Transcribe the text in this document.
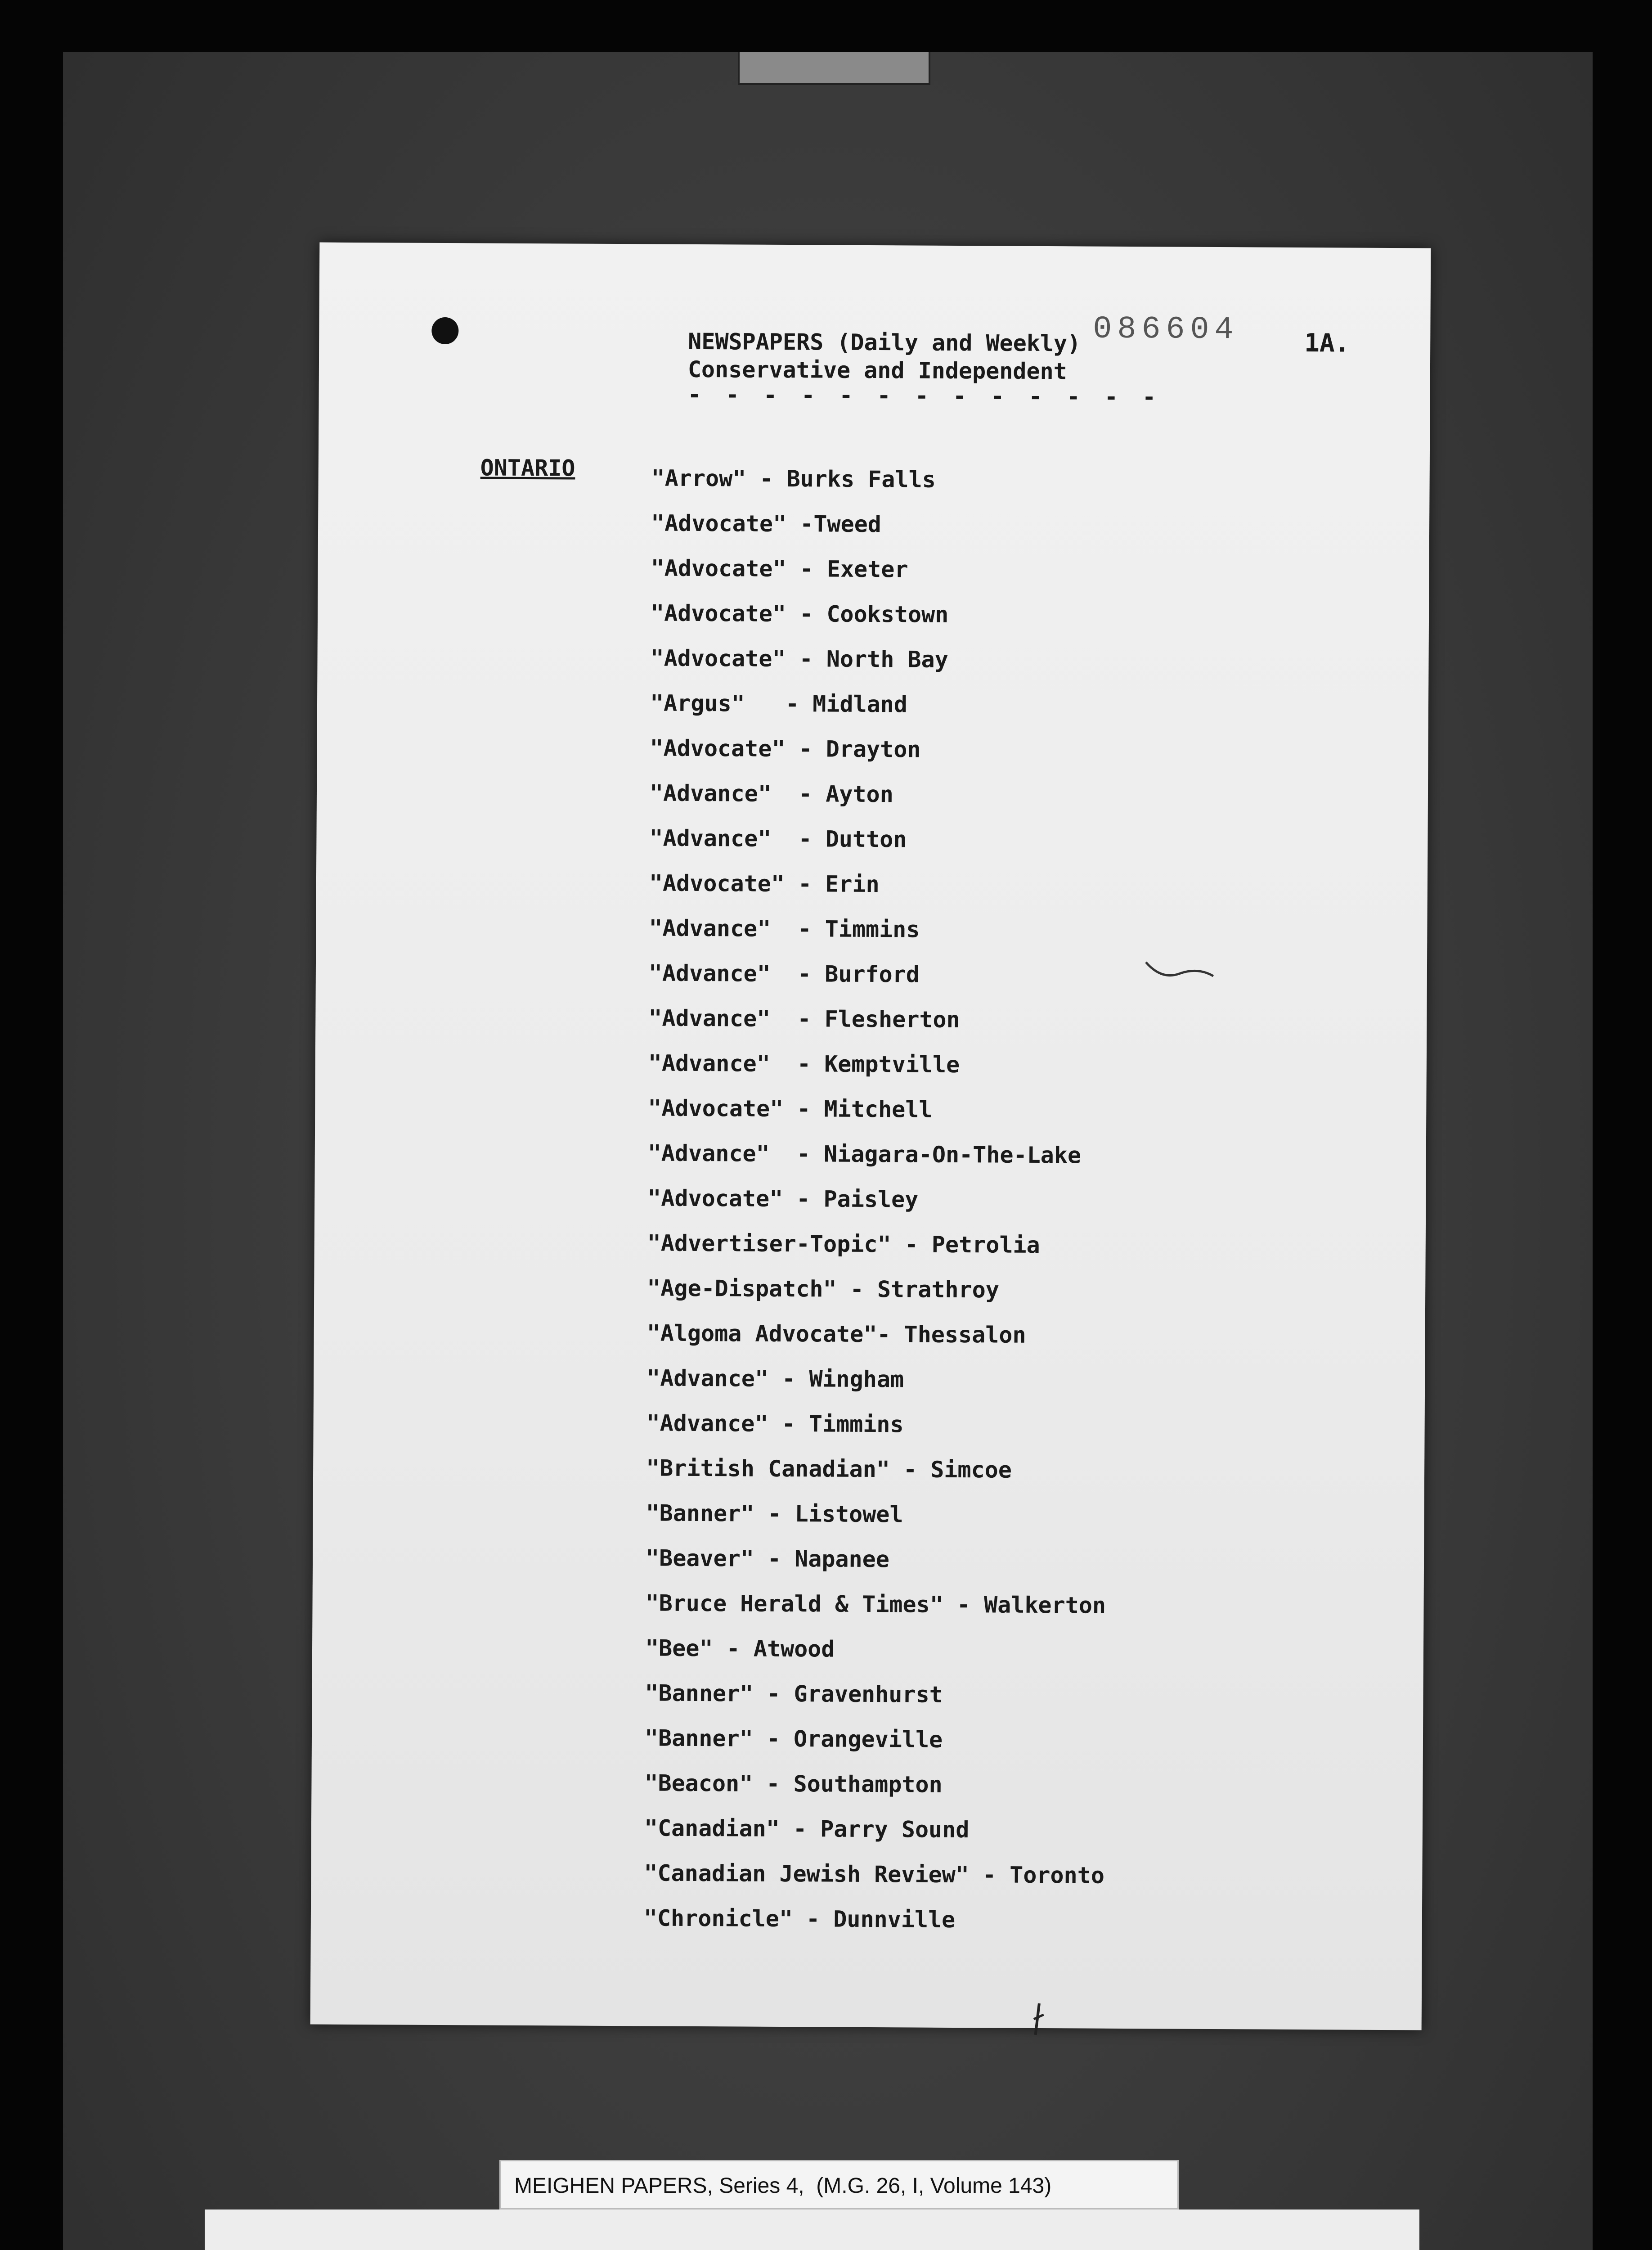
086604	1A.
NEWSPAPERS (Daily and Weekly)
Conservative and Independent
- - - - - - - - - - - - -
ONTARIO	"Arrow" - Burks Falls
"Advocate" -Tweed
"Advocate" - Exeter
"Advocate" - Cookstown
"Advocate" - North Bay
"Argus"   - Midland
"Advocate" - Drayton
"Advance"  - Ayton
"Advance"  - Dutton
"Advocate" - Erin
"Advance"  - Timmins
"Advance"  - Burford
"Advance"  - Flesherton
"Advance"  - Kemptville
"Advocate" - Mitchell
"Advance"  - Niagara-On-The-Lake
"Advocate" - Paisley
"Advertiser-Topic" - Petrolia
"Age-Dispatch" - Strathroy
"Algoma Advocate"- Thessalon
"Advance" - Wingham
"Advance" - Timmins
"British Canadian" - Simcoe
"Banner" - Listowel
"Beaver" - Napanee
"Bruce Herald & Times" - Walkerton
"Bee" - Atwood
"Banner" - Gravenhurst
"Banner" - Orangeville
"Beacon" - Southampton
"Canadian" - Parry Sound
"Canadian Jewish Review" - Toronto
"Chronicle" - Dunnville
MEIGHEN PAPERS, Series 4,  (M.G. 26, I, Volume 143)
